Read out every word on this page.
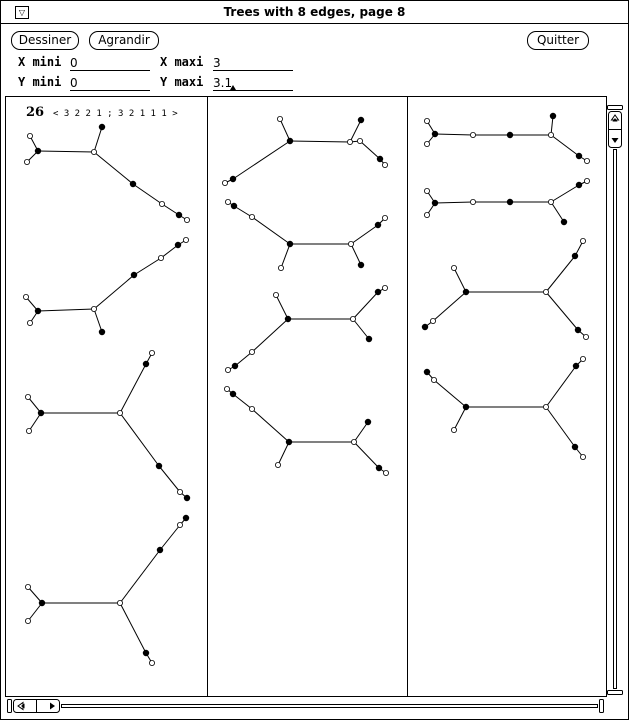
▽	Trees with 8 edges, page 8
Dessiner	Agrandir	Quitter
X mini 0	X maxi 3
Y mini 0	Y maxi 3.1
26 < 3 2 2 1 ; 3 2 1 1 1 >
